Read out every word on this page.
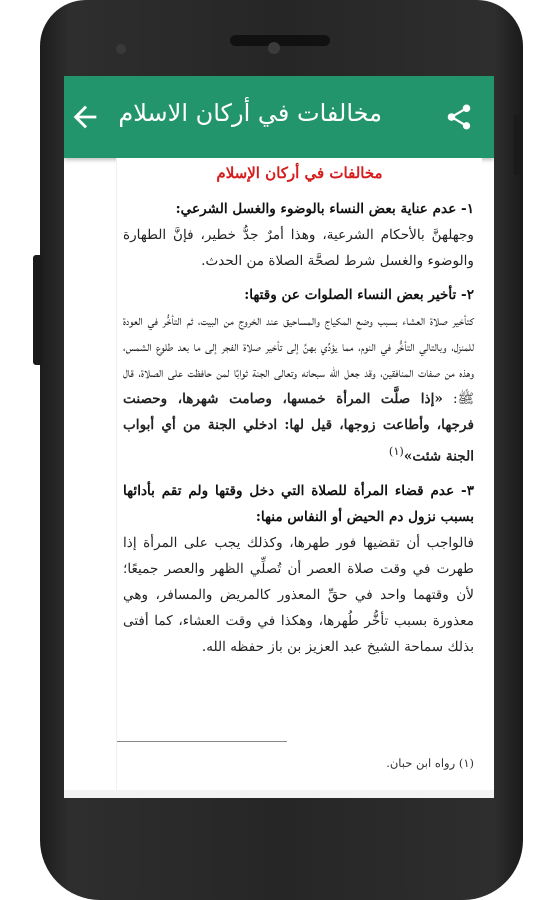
مخالفات في أركان الاسلام
مخالفات في أركان الإسلام
١- عدم عناية بعض النساء بالوضوء والغسل الشرعي:
وجهلهنَّ بالأحكام الشرعية، وهذا أمرٌ جدُّ خطير، فإنَّ الطهارة والوضوء والغسل شرط لصحَّة الصلاة من الحدث.
٢- تأخير بعض النساء الصلوات عن وقتها:
كتأخير صلاة العشاء بسبب وضع المكياج والمساحيق عند الخروج من البيت، ثم التأخُّر في العودة للمنزل، وبالتالي التأخُّر في النوم، مما يؤدِّي بهنَّ إلى تأخير صلاة الفجر إلى ما بعد طلوع الشمس، وهذه من صفات المنافقين، وقد جعل الله سبحانه وتعالى الجنة ثوابًا لمن حافظت على الصلاة، قال ﷺ: «إذا صلَّت المرأة خمسها، وصامت شهرها، وحصنت فرجها، وأطاعت زوجها، قيل لها: ادخلي الجنة من أي أبواب الجنة شئت»$^{(١)}$
٣- عدم قضاء المرأة للصلاة التي دخل وقتها ولم تقم بأدائها بسبب نزول دم الحيض أو النفاس منها:
فالواجب أن تقضيها فور طهرها، وكذلك يجب على المرأة إذا طهرت في وقت صلاة العصر أن تُصلِّي الظهر والعصر جميعًا؛ لأن وقتهما واحد في حقِّ المعذور كالمريض والمسافر، وهي معذورة بسبب تأخُّر طُهرها، وهكذا في وقت العشاء، كما أفتى بذلك سماحة الشيخ عبد العزيز بن باز حفظه الله.
(١) رواه ابن حبان.
